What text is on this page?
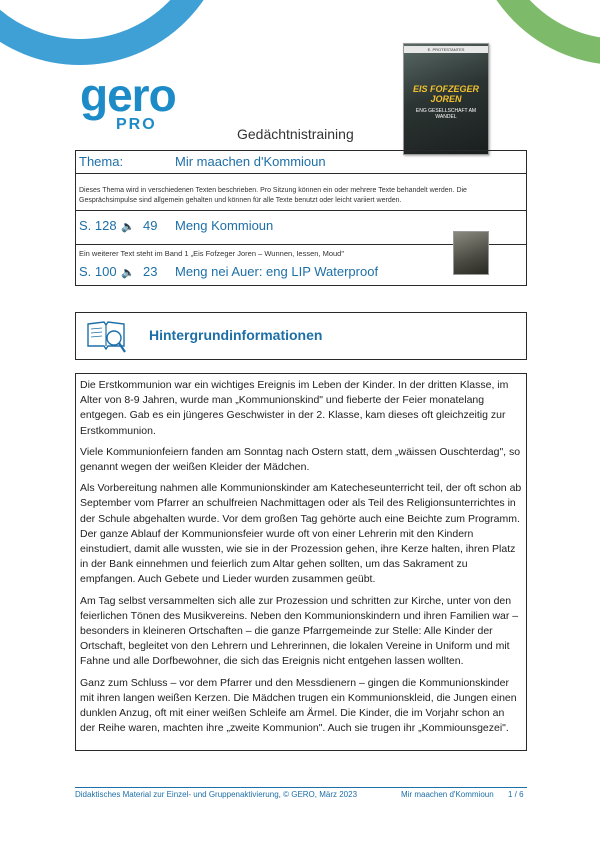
gero
PRO
E. PROTESTANTES
EIS FOFZEGER JOREN
ENG GESELLSCHAFT AM WANDEL
Gedächtnistraining
Thema:	Mir maachen d'Kommioun
Dieses Thema wird in verschiedenen Texten beschrieben. Pro Sitzung können ein oder mehrere Texte behandelt werden. Die Gesprächsimpulse sind allgemein gehalten und können für alle Texte benutzt oder leicht variiert werden.
S. 128 🔈 49 Meng Kommioun
Ein weiterer Text steht im Band 1 „Eis Fofzeger Joren – Wunnen, Iessen, Moud"
S. 100 🔈 23 Meng nei Auer: eng LIP Waterproof
Hintergrundinformationen

Die Erstkommunion war ein wichtiges Ereignis im Leben der Kinder. In der dritten Klasse, im Alter von 8-9 Jahren, wurde man „Kommunionskind" und fieberte der Feier monatelang entgegen. Gab es ein jüngeres Geschwister in der 2. Klasse, kam dieses oft gleichzeitig zur Erstkommunion.

Viele Kommunionfeiern fanden am Sonntag nach Ostern statt, dem „wäissen Ouschterdag", so genannt wegen der weißen Kleider der Mädchen.

Als Vorbereitung nahmen alle Kommunionskinder am Katecheseunterricht teil, der oft schon ab September vom Pfarrer an schulfreien Nachmittagen oder als Teil des Religionsunterrichtes in der Schule abgehalten wurde. Vor dem großen Tag gehörte auch eine Beichte zum Programm. Der ganze Ablauf der Kommunionsfeier wurde oft von einer Lehrerin mit den Kindern einstudiert, damit alle wussten, wie sie in der Prozession gehen, ihre Kerze halten, ihren Platz in der Bank einnehmen und feierlich zum Altar gehen sollten, um das Sakrament zu empfangen. Auch Gebete und Lieder wurden zusammen geübt.

Am Tag selbst versammelten sich alle zur Prozession und schritten zur Kirche, unter von den feierlichen Tönen des Musikvereins. Neben den Kommunionskindern und ihren Familien war – besonders in kleineren Ortschaften – die ganze Pfarrgemeinde zur Stelle: Alle Kinder der Ortschaft, begleitet von den Lehrern und Lehrerinnen, die lokalen Vereine in Uniform und mit Fahne und alle Dorfbewohner, die sich das Ereignis nicht entgehen lassen wollten.

Ganz zum Schluss – vor dem Pfarrer und den Messdienern – gingen die Kommunionskinder mit ihren langen weißen Kerzen. Die Mädchen trugen ein Kommunionskleid, die Jungen einen dunklen Anzug, oft mit einer weißen Schleife am Ärmel. Die Kinder, die im Vorjahr schon an der Reihe waren, machten ihre „zweite Kommunion". Auch sie trugen ihr „Kommiounsgezei".

Didaktisches Material zur Einzel- und Gruppenaktivierung, © GERO, März 2023	Mir maachen d'Kommioun 1 / 6
